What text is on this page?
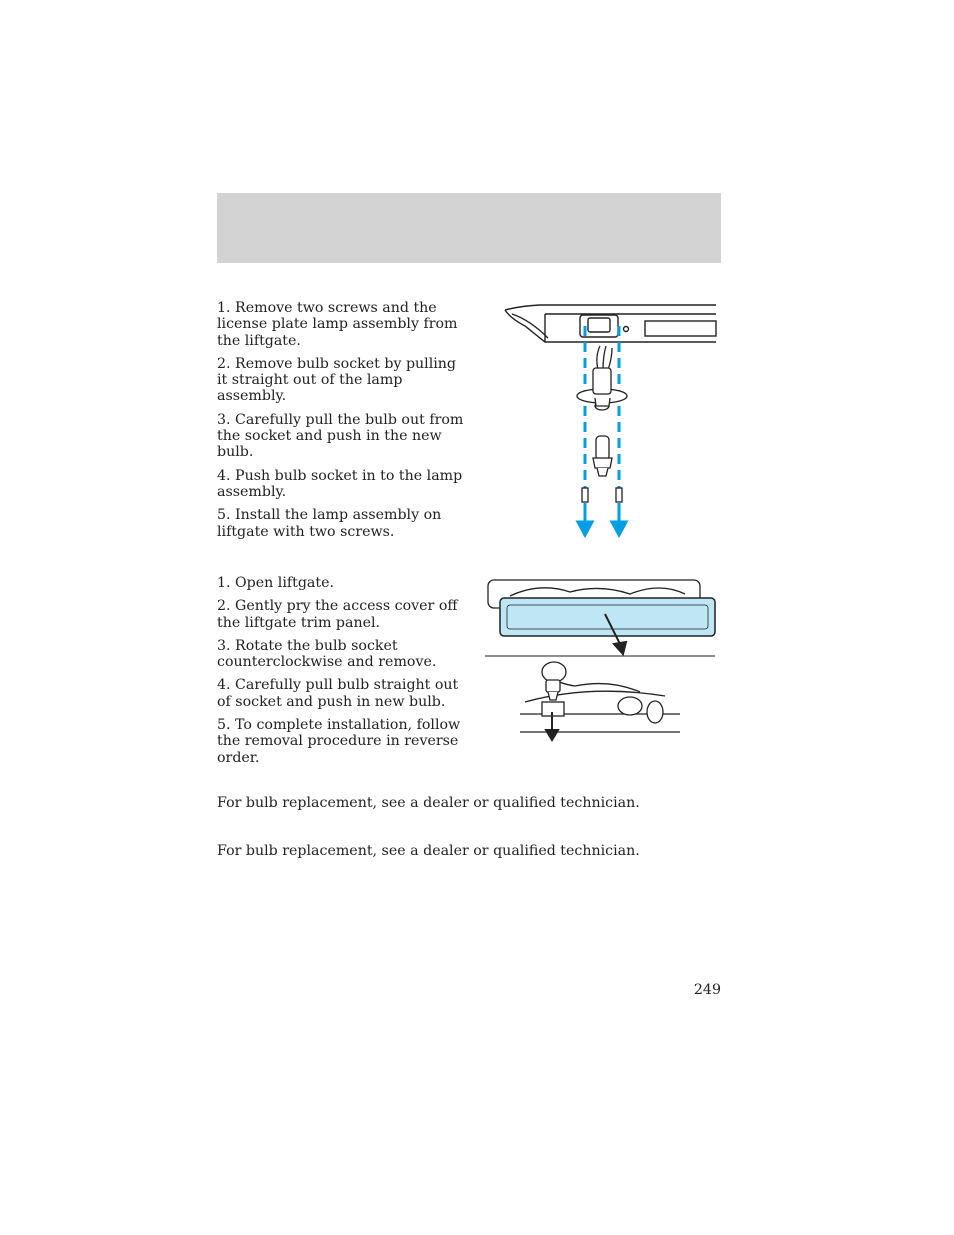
1. Remove two screws and the license plate lamp assembly from the liftgate.
2. Remove bulb socket by pulling it straight out of the lamp assembly.
3. Carefully pull the bulb out from the socket and push in the new bulb.
4. Push bulb socket in to the lamp assembly.
5. Install the lamp assembly on liftgate with two screws.
1. Open liftgate.
2. Gently pry the access cover off the liftgate trim panel.
3. Rotate the bulb socket counterclockwise and remove.
4. Carefully pull bulb straight out of socket and push in new bulb.
5. To complete installation, follow the removal procedure in reverse order.

For bulb replacement, see a dealer or qualified technician.

For bulb replacement, see a dealer or qualified technician.

249
